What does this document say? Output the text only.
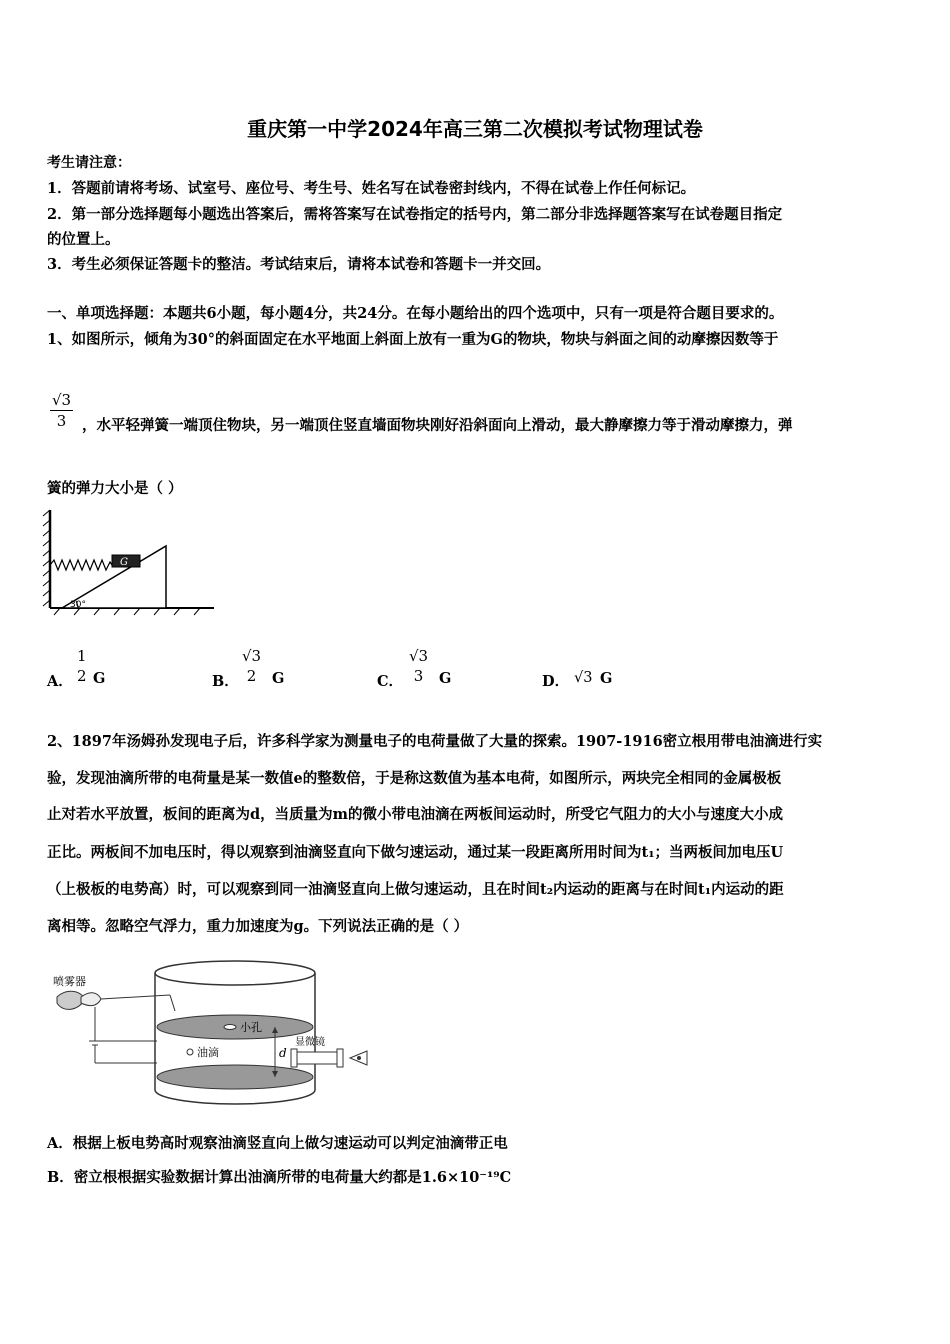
重庆第一中学2024年高三第二次模拟考试物理试卷
考生请注意：
1．答题前请将考场、试室号、座位号、考生号、姓名写在试卷密封线内，不得在试卷上作任何标记。
2．第一部分选择题每小题选出答案后，需将答案写在试卷指定的括号内，第二部分非选择题答案写在试卷题目指定
的位置上。
3．考生必须保证答题卡的整洁。考试结束后，请将本试卷和答题卡一并交回。
一、单项选择题：本题共6小题，每小题4分，共24分。在每小题给出的四个选项中，只有一项是符合题目要求的。
1、如图所示，倾角为30°的斜面固定在水平地面上斜面上放有一重为G的物块，物块与斜面之间的动摩擦因数等于
$\frac{√3}{3}$ ，水平轻弹簧一端顶住物块，另一端顶住竖直墙面物块刚好沿斜面向上滑动，最大静摩擦力等于滑动摩擦力，弹
簧的弹力大小是（ ）
G
30°
A．
1
2 G	B．
√3
2	G	C．
√3
3	G	D． √3 G
2、1897年汤姆孙发现电子后，许多科学家为测量电子的电荷量做了大量的探索。1907-1916密立根用带电油滴进行实
验，发现油滴所带的电荷量是某一数值e的整数倍，于是称这数值为基本电荷，如图所示，两块完全相同的金属极板
止对若水平放置，板间的距离为d，当质量为m的微小带电油滴在两板间运动时，所受它气阻力的大小与速度大小成
正比。两板间不加电压时，得以观察到油滴竖直向下做匀速运动，通过某一段距离所用时间为t₁；当两板间加电压U
（上极板的电势高）时，可以观察到同一油滴竖直向上做匀速运动，且在时间t₂内运动的距离与在时间t₁内运动的距
离相等。忽略空气浮力，重力加速度为g。下列说法正确的是（ ）
小孔
油滴
喷雾器
d
显微镜
A．根据上板电势高时观察油滴竖直向上做匀速运动可以判定油滴带正电
B．密立根根据实验数据计算出油滴所带的电荷量大约都是1.6×10⁻¹⁹C
